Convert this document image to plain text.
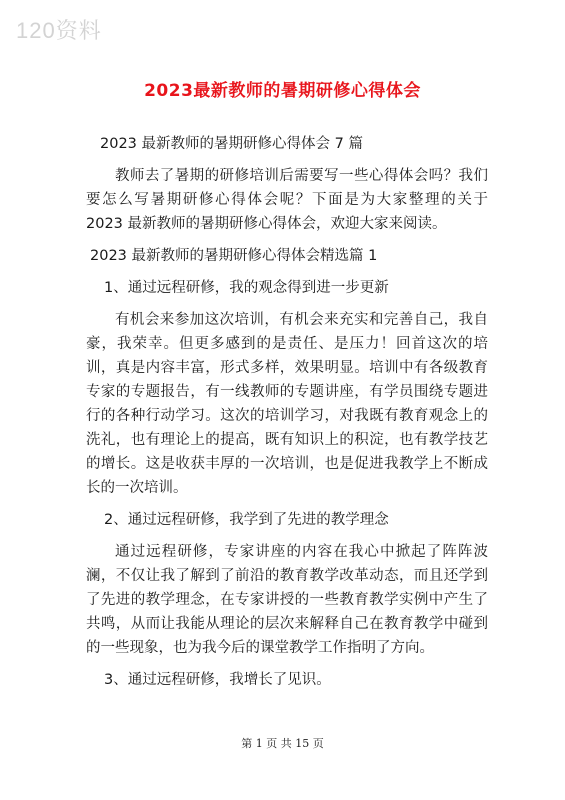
120资料
2023最新教师的暑期研修心得体会

2023 最新教师的暑期研修心得体会 7 篇

教师去了暑期的研修培训后需要写一些心得体会吗？我们要怎么写暑期研修心得体会呢？下面是为大家整理的关于 2023 最新教师的暑期研修心得体会，欢迎大家来阅读。

2023 最新教师的暑期研修心得体会精选篇 1

1、通过远程研修，我的观念得到进一步更新

有机会来参加这次培训，有机会来充实和完善自己，我自豪，我荣幸。但更多感到的是责任、是压力！回首这次的培训，真是内容丰富，形式多样，效果明显。培训中有各级教育专家的专题报告，有一线教师的专题讲座，有学员围绕专题进行的各种行动学习。这次的培训学习，对我既有教育观念上的洗礼，也有理论上的提高，既有知识上的积淀，也有教学技艺的增长。这是收获丰厚的一次培训，也是促进我教学上不断成长的一次培训。

2、通过远程研修，我学到了先进的教学理念

通过远程研修，专家讲座的内容在我心中掀起了阵阵波澜，不仅让我了解到了前沿的教育教学改革动态，而且还学到了先进的教学理念，在专家讲授的一些教育教学实例中产生了共鸣，从而让我能从理论的层次来解释自己在教育教学中碰到的一些现象，也为我今后的课堂教学工作指明了方向。

3、通过远程研修，我增长了见识。

第 1 页 共 15 页
